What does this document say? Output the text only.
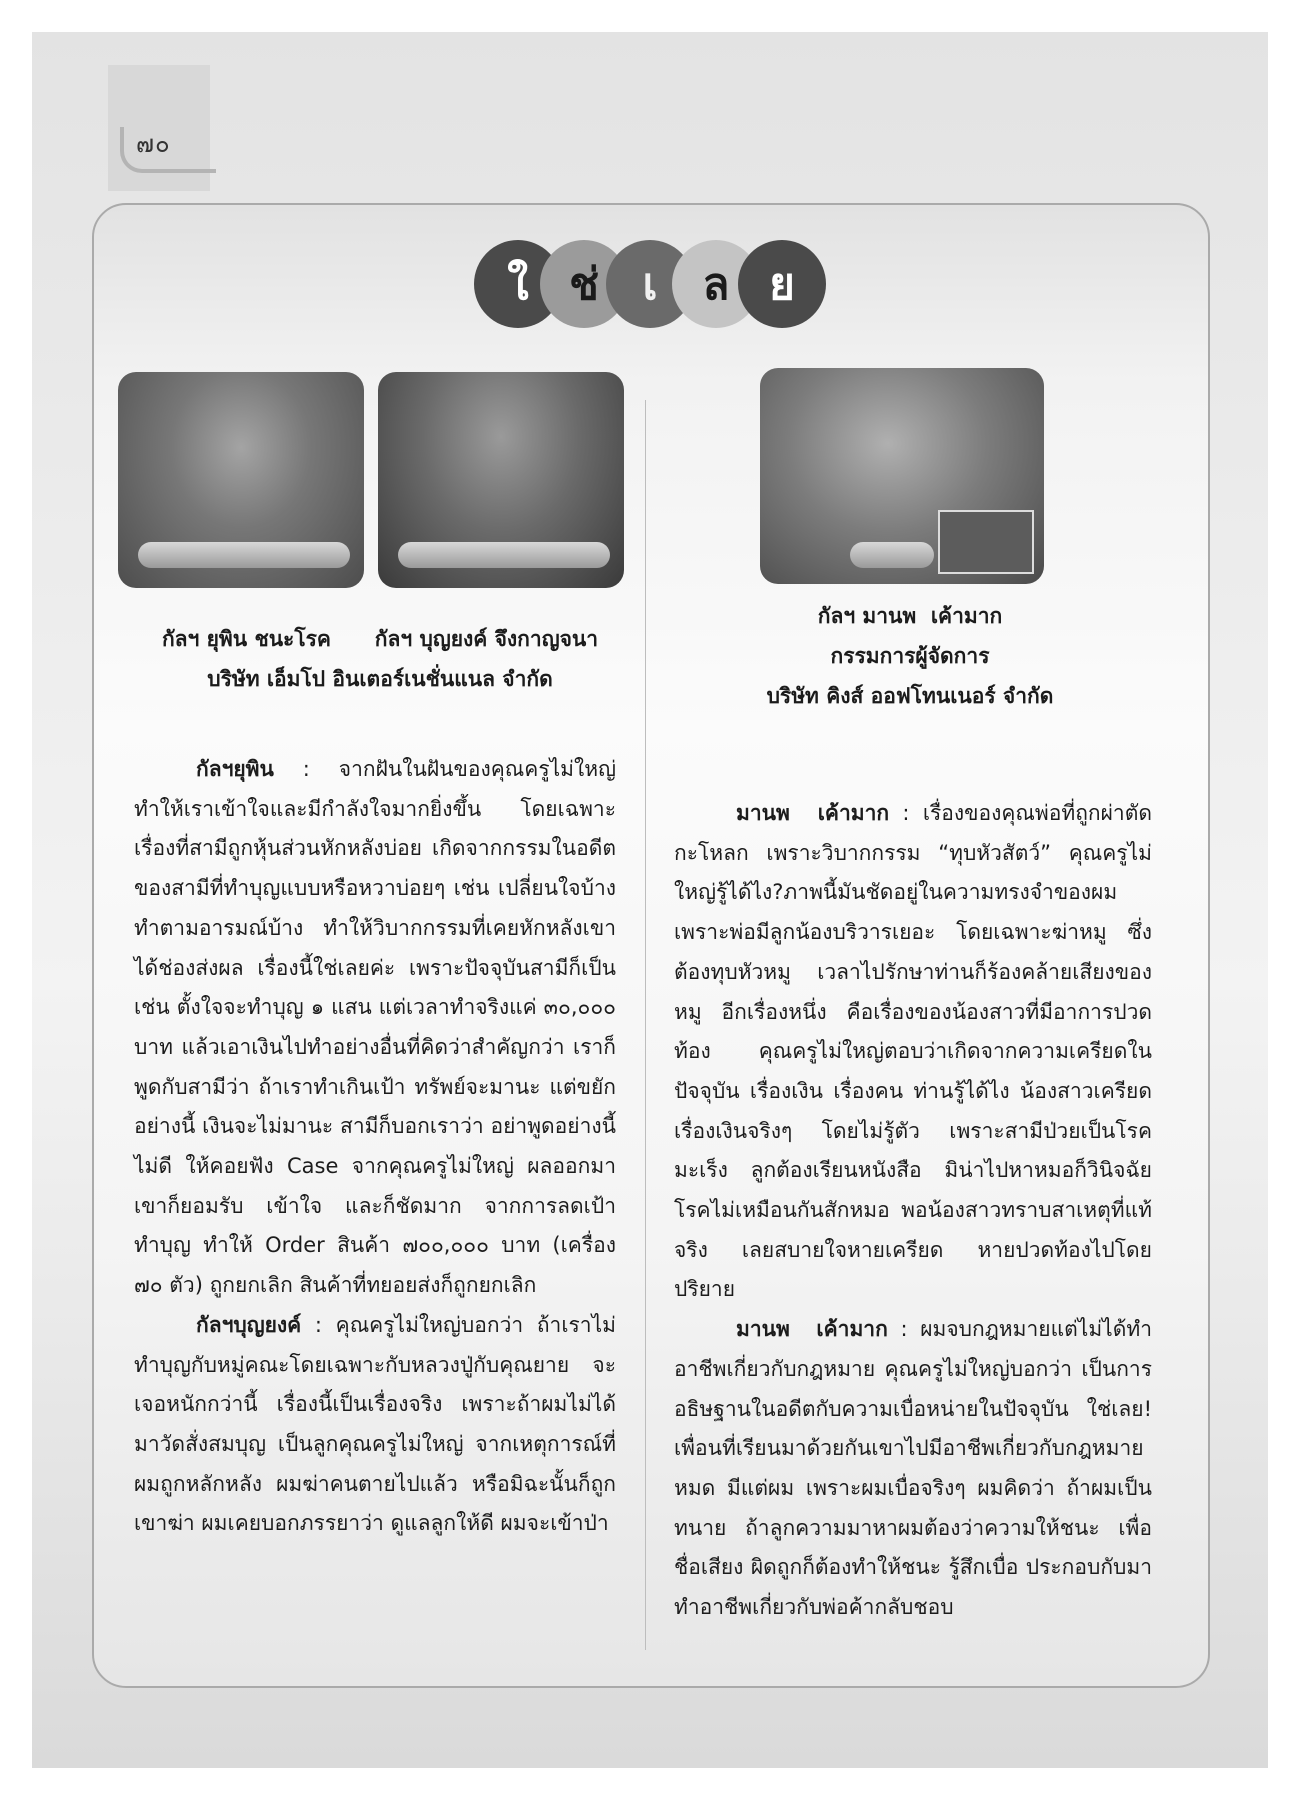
๗๐
ใ ช่ เ	ล ย
กัลฯ ยุพิน ชนะโรค      กัลฯ บุญยงค์ จึงกาญจนา
บริษัท เอ็มโป อินเตอร์เนชั่นแนล จำกัด
กัลฯ มานพ  เค้ามาก
กรรมการผู้จัดการ
บริษัท คิงส์ ออฟโทนเนอร์ จำกัด

กัลฯยุพิน : จากฝันในฝันของคุณครูไม่ใหญ่ ทำให้เราเข้าใจและมีกำลังใจมากยิ่งขึ้น โดยเฉพาะเรื่องที่สามีถูกหุ้นส่วนหักหลังบ่อย เกิดจากกรรมในอดีตของสามีที่ทำบุญแบบหรือหวาบ่อยๆ เช่น เปลี่ยนใจบ้าง ทำตามอารมณ์บ้าง ทำให้วิบากกรรมที่เคยหักหลังเขาได้ช่องส่งผล เรื่องนี้ใช่เลยค่ะ เพราะปัจจุบันสามีก็เป็น เช่น ตั้งใจจะทำบุญ ๑ แสน แต่เวลาทำจริงแค่ ๓๐,๐๐๐ บาท แล้วเอาเงินไปทำอย่างอื่นที่คิดว่าสำคัญกว่า เราก็พูดกับสามีว่า ถ้าเราทำเกินเป้า ทรัพย์จะมานะ แต่ขยักอย่างนี้ เงินจะไม่มานะ สามีก็บอกเราว่า อย่าพูดอย่างนี้ไม่ดี ให้คอยฟัง Case จากคุณครูไม่ใหญ่ ผลออกมาเขาก็ยอมรับ เข้าใจ และก็ชัดมาก จากการลดเป้าทำบุญ ทำให้ Order สินค้า ๗๐๐,๐๐๐ บาท (เครื่อง ๗๐ ตัว) ถูกยกเลิก สินค้าที่ทยอยส่งก็ถูกยกเลิก

กัลฯบุญยงค์ : คุณครูไม่ใหญ่บอกว่า ถ้าเราไม่ทำบุญกับหมู่คณะโดยเฉพาะกับหลวงปู่กับคุณยาย จะเจอหนักกว่านี้ เรื่องนี้เป็นเรื่องจริง เพราะถ้าผมไม่ได้มาวัดสั่งสมบุญ เป็นลูกคุณครูไม่ใหญ่ จากเหตุการณ์ที่ผมถูกหลักหลัง ผมฆ่าคนตายไปแล้ว หรือมิฉะนั้นก็ถูกเขาฆ่า ผมเคยบอกภรรยาว่า ดูแลลูกให้ดี ผมจะเข้าป่า

มานพ  เค้ามาก : เรื่องของคุณพ่อที่ถูกผ่าตัดกะโหลก เพราะวิบากกรรม “ทุบหัวสัตว์” คุณครูไม่ใหญ่รู้ได้ไง?ภาพนี้มันชัดอยู่ในความทรงจำของผม เพราะพ่อมีลูกน้องบริวารเยอะ โดยเฉพาะฆ่าหมู ซึ่งต้องทุบหัวหมู เวลาไปรักษาท่านก็ร้องคล้ายเสียงของหมู อีกเรื่องหนึ่ง คือเรื่องของน้องสาวที่มีอาการปวดท้อง คุณครูไม่ใหญ่ตอบว่าเกิดจากความเครียดในปัจจุบัน เรื่องเงิน เรื่องคน ท่านรู้ได้ไง น้องสาวเครียดเรื่องเงินจริงๆ โดยไม่รู้ตัว เพราะสามีป่วยเป็นโรคมะเร็ง ลูกต้องเรียนหนังสือ มิน่าไปหาหมอก็วินิจฉัยโรคไม่เหมือนกันสักหมอ พอน้องสาวทราบสาเหตุที่แท้จริง เลยสบายใจหายเครียด หายปวดท้องไปโดยปริยาย

มานพ  เค้ามาก : ผมจบกฎหมายแต่ไม่ได้ทำอาชีพเกี่ยวกับกฎหมาย คุณครูไม่ใหญ่บอกว่า เป็นการอธิษฐานในอดีตกับความเบื่อหน่ายในปัจจุบัน ใช่เลย! เพื่อนที่เรียนมาด้วยกันเขาไปมีอาชีพเกี่ยวกับกฎหมายหมด มีแต่ผม เพราะผมเบื่อจริงๆ ผมคิดว่า ถ้าผมเป็นทนาย ถ้าลูกความมาหาผมต้องว่าความให้ชนะ เพื่อชื่อเสียง ผิดถูกก็ต้องทำให้ชนะ รู้สึกเบื่อ ประกอบกับมาทำอาชีพเกี่ยวกับพ่อค้ากลับชอบ
